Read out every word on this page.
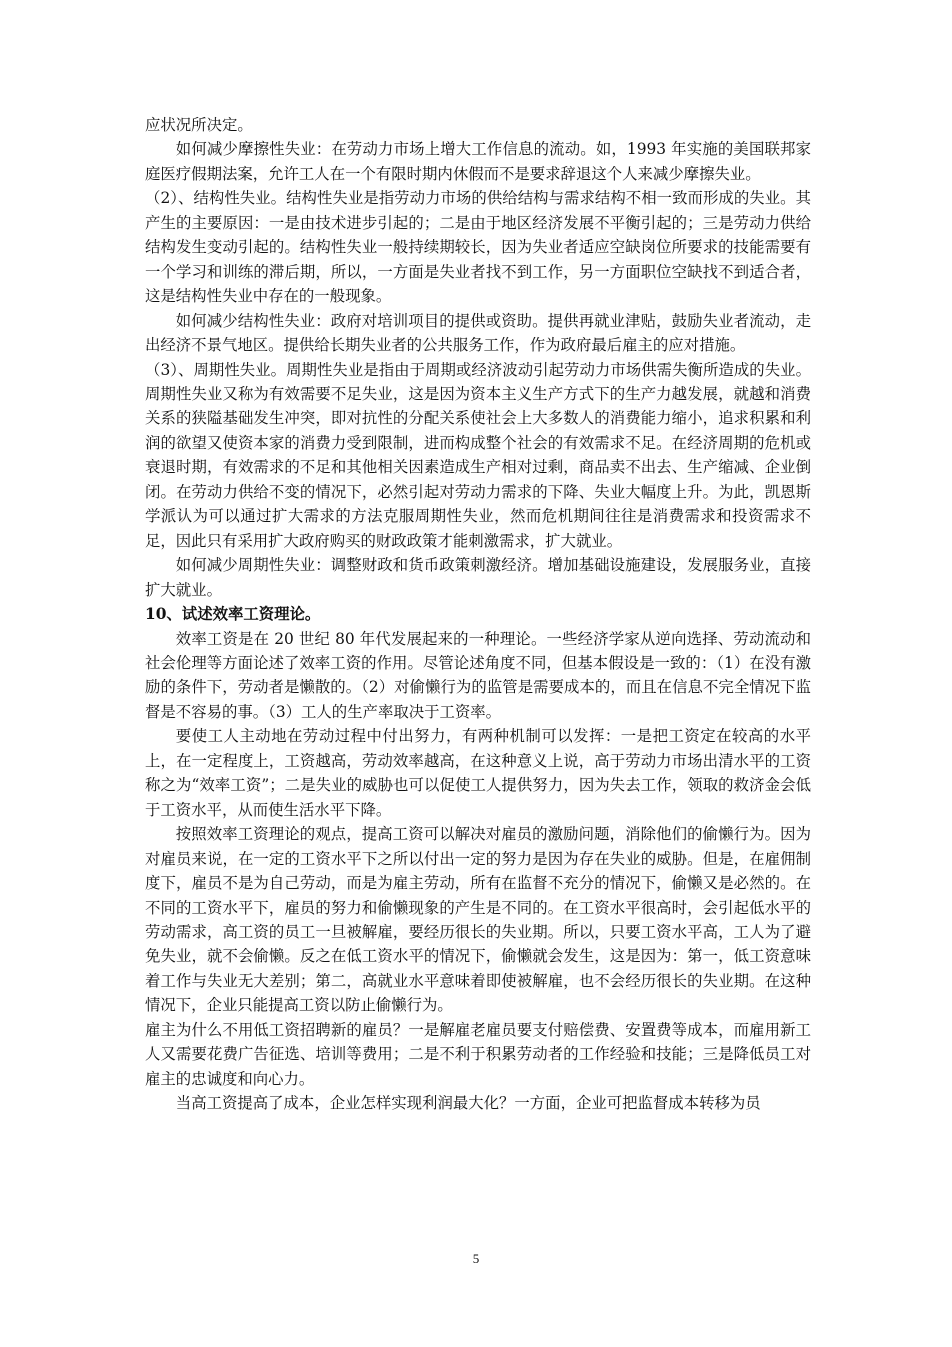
应状况所决定。

如何减少摩擦性失业：在劳动力市场上增大工作信息的流动。如，1993 年实施的美国联邦家庭医疗假期法案，允许工人在一个有限时期内休假而不是要求辞退这个人来减少摩擦失业。

（2）、结构性失业。结构性失业是指劳动力市场的供给结构与需求结构不相一致而形成的失业。其产生的主要原因：一是由技术进步引起的；二是由于地区经济发展不平衡引起的；三是劳动力供给结构发生变动引起的。结构性失业一般持续期较长，因为失业者适应空缺岗位所要求的技能需要有一个学习和训练的滞后期，所以，一方面是失业者找不到工作，另一方面职位空缺找不到适合者，这是结构性失业中存在的一般现象。

如何减少结构性失业：政府对培训项目的提供或资助。提供再就业津贴，鼓励失业者流动，走出经济不景气地区。提供给长期失业者的公共服务工作，作为政府最后雇主的应对措施。

（3）、周期性失业。周期性失业是指由于周期或经济波动引起劳动力市场供需失衡所造成的失业。周期性失业又称为有效需要不足失业，这是因为资本主义生产方式下的生产力越发展，就越和消费关系的狭隘基础发生冲突，即对抗性的分配关系使社会上大多数人的消费能力缩小，追求积累和利润的欲望又使资本家的消费力受到限制，进而构成整个社会的有效需求不足。在经济周期的危机或衰退时期，有效需求的不足和其他相关因素造成生产相对过剩，商品卖不出去、生产缩减、企业倒闭。在劳动力供给不变的情况下，必然引起对劳动力需求的下降、失业大幅度上升。为此，凯恩斯学派认为可以通过扩大需求的方法克服周期性失业，然而危机期间往往是消费需求和投资需求不足，因此只有采用扩大政府购买的财政政策才能刺激需求，扩大就业。

如何减少周期性失业：调整财政和货币政策刺激经济。增加基础设施建设，发展服务业，直接扩大就业。

10、试述效率工资理论。

效率工资是在 20 世纪 80 年代发展起来的一种理论。一些经济学家从逆向选择、劳动流动和社会伦理等方面论述了效率工资的作用。尽管论述角度不同，但基本假设是一致的：（1）在没有激励的条件下，劳动者是懒散的。（2）对偷懒行为的监管是需要成本的，而且在信息不完全情况下监督是不容易的事。（3）工人的生产率取决于工资率。

要使工人主动地在劳动过程中付出努力，有两种机制可以发挥：一是把工资定在较高的水平上，在一定程度上，工资越高，劳动效率越高，在这种意义上说，高于劳动力市场出清水平的工资称之为“效率工资”；二是失业的威胁也可以促使工人提供努力，因为失去工作，领取的救济金会低于工资水平，从而使生活水平下降。

按照效率工资理论的观点，提高工资可以解决对雇员的激励问题，消除他们的偷懒行为。因为对雇员来说，在一定的工资水平下之所以付出一定的努力是因为存在失业的威胁。但是，在雇佣制度下，雇员不是为自己劳动，而是为雇主劳动，所有在监督不充分的情况下，偷懒又是必然的。在不同的工资水平下，雇员的努力和偷懒现象的产生是不同的。在工资水平很高时，会引起低水平的劳动需求，高工资的员工一旦被解雇，要经历很长的失业期。所以，只要工资水平高，工人为了避免失业，就不会偷懒。反之在低工资水平的情况下，偷懒就会发生，这是因为：第一，低工资意味着工作与失业无大差别；第二，高就业水平意味着即使被解雇，也不会经历很长的失业期。在这种情况下，企业只能提高工资以防止偷懒行为。

雇主为什么不用低工资招聘新的雇员？一是解雇老雇员要支付赔偿费、安置费等成本，而雇用新工人又需要花费广告征选、培训等费用；二是不利于积累劳动者的工作经验和技能；三是降低员工对雇主的忠诚度和向心力。

当高工资提高了成本，企业怎样实现利润最大化？一方面，企业可把监督成本转移为员

5
